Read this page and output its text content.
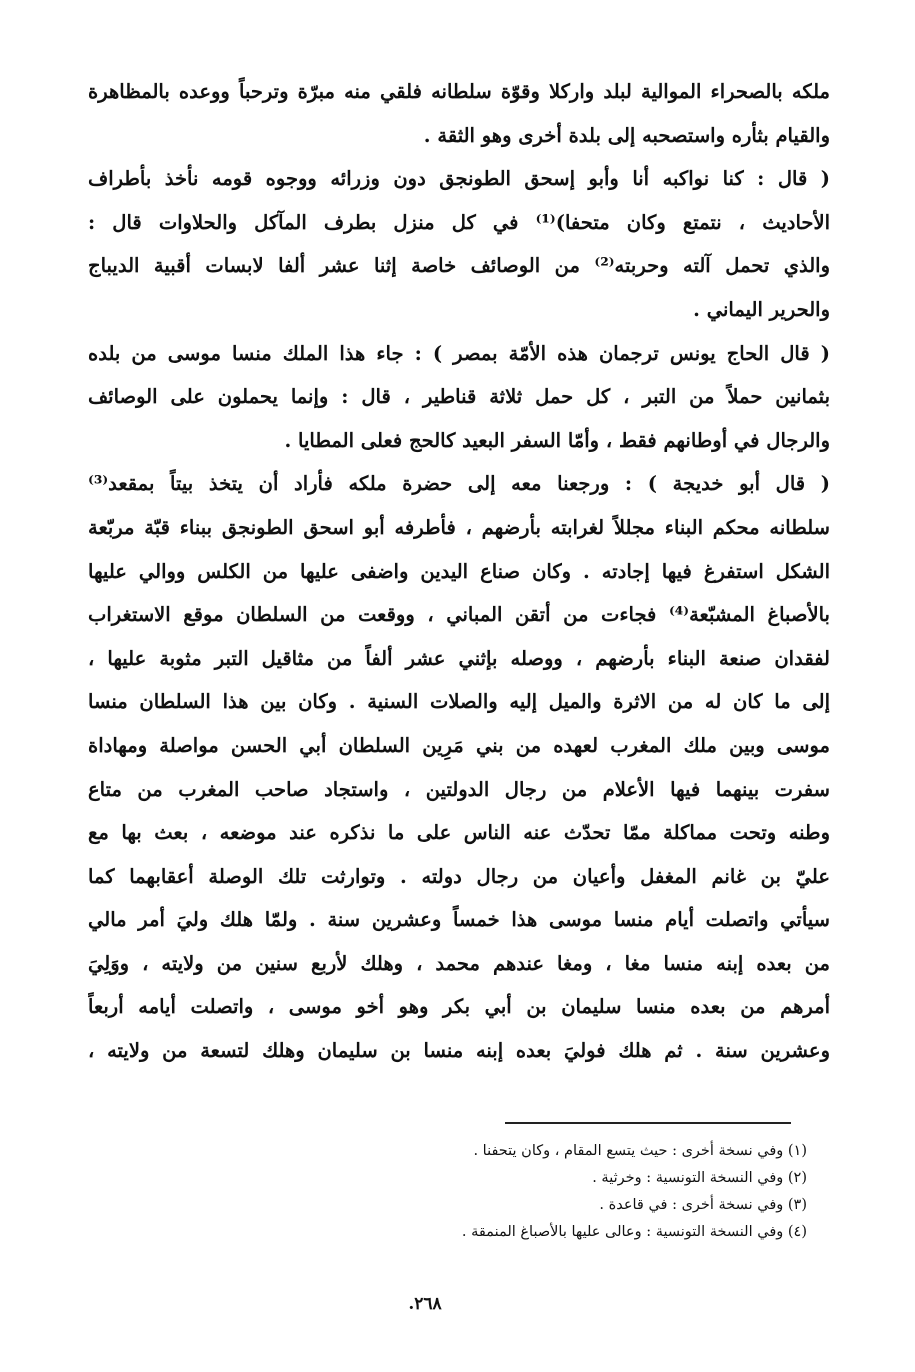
ملكه بالصحراء الموالية لبلد واركلا وقوّة سلطانه فلقي منه مبرّة وترحباً ووعده بالمظاهرة
والقيام بثأره واستصحبه إلى بلدة أخرى وهو الثقة .
( قال : كنا نواكبه أنا وأبو إسحق الطونجق دون وزرائه ووجوه قومه نأخذ بأطراف
الأحاديث ، نتمتع وكان متحفا)⁽¹⁾ في كل منزل بطرف المآكل والحلاوات قال :
والذي تحمل آلته وحربته⁽²⁾ من الوصائف خاصة إثنا عشر ألفا لابسات أقبية الديباج
والحرير اليماني .
( قال الحاج يونس ترجمان هذه الأمّة بمصر ) : جاء هذا الملك منسا موسى من بلده
بثمانين حملاً من التبر ، كل حمل ثلاثة قناطير ، قال : وإنما يحملون على الوصائف
والرجال في أوطانهم فقط ، وأمّا السفر البعيد كالحج فعلى المطايا .
( قال أبو خديجة ) : ورجعنا معه إلى حضرة ملكه فأراد أن يتخذ بيتاً بمقعد⁽³⁾
سلطانه محكم البناء مجللاً لغرابته بأرضهم ، فأطرفه أبو اسحق الطونجق ببناء قبّة مربّعة
الشكل استفرغ فيها إجادته . وكان صناع اليدين واضفى عليها من الكلس ووالي عليها
بالأصباغ المشبّعة⁽⁴⁾ فجاءت من أتقن المباني ، ووقعت من السلطان موقع الاستغراب
لفقدان صنعة البناء بأرضهم ، ووصله بإثني عشر ألفاً من مثاقيل التبر مثوبة عليها ،
إلى ما كان له من الاثرة والميل إليه والصلات السنية . وكان بين هذا السلطان منسا
موسى وبين ملك المغرب لعهده من بني مَرِين السلطان أبي الحسن مواصلة ومهاداة
سفرت بينهما فيها الأعلام من رجال الدولتين ، واستجاد صاحب المغرب من متاع
وطنه وتحت مماكلة ممّا تحدّث عنه الناس على ما نذكره عند موضعه ، بعث بها مع
عليّ بن غانم المغفل وأعيان من رجال دولته . وتوارثت تلك الوصلة أعقابهما كما
سيأتي واتصلت أيام منسا موسى هذا خمساً وعشرين سنة . ولمّا هلك وليَ أمر مالي
من بعده إبنه منسا مغا ، ومغا عندهم محمد ، وهلك لأربع سنين من ولايته ، ووَلِيَ
أمرهم من بعده منسا سليمان بن أبي بكر وهو أخو موسى ، واتصلت أيامه أربعاً
وعشرين سنة . ثم هلك فوليَ بعده إبنه منسا بن سليمان وهلك لتسعة من ولايته ،
(١) وفي نسخة أخرى : حيث يتسع المقام ، وكان يتحفنا .
(٢) وفي النسخة التونسية : وخرثية .
(٣) وفي نسخة أخرى : في قاعدة .
(٤) وفي النسخة التونسية : وعالى عليها بالأصباغ المنمقة .
٢٦٨.
